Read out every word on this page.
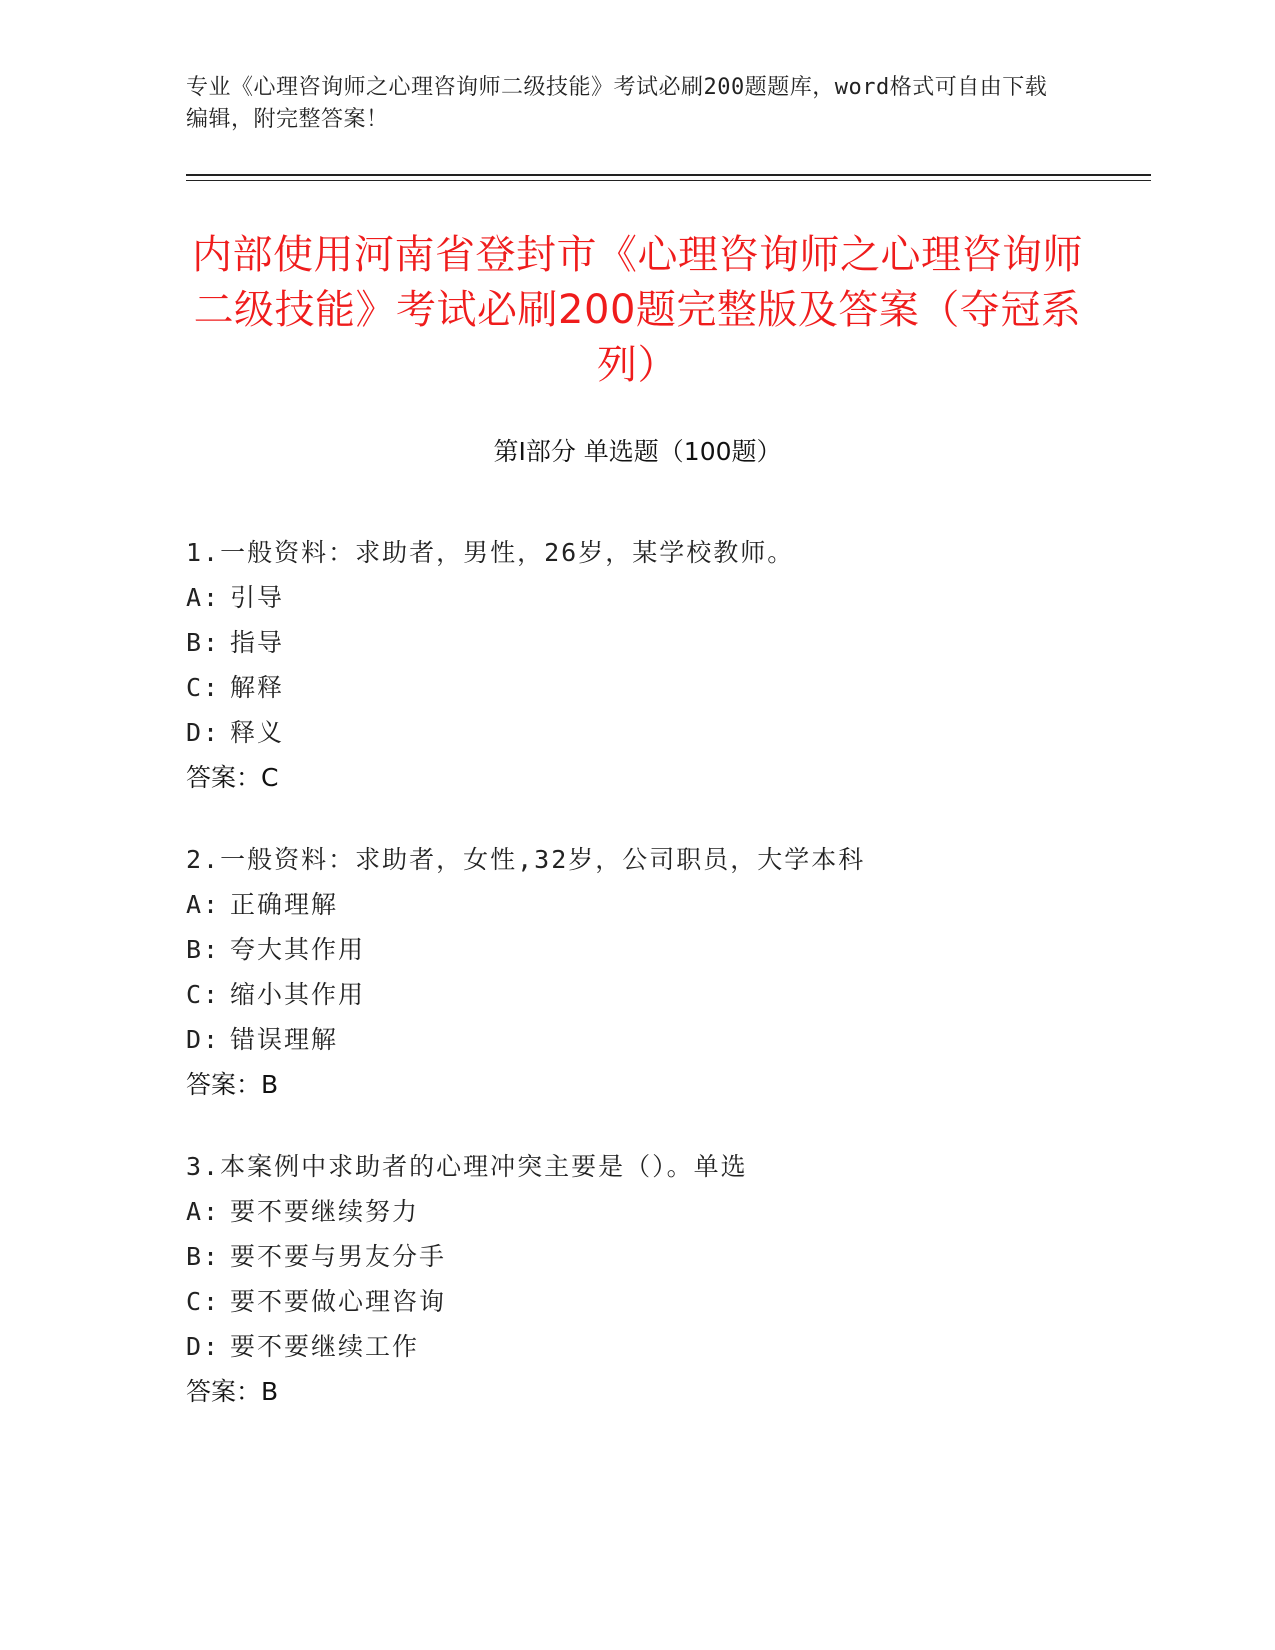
专业《心理咨询师之心理咨询师二级技能》考试必刷200题题库，word格式可自由下载编辑，附完整答案！
内部使用河南省登封市《心理咨询师之心理咨询师二级技能》考试必刷200题完整版及答案（夺冠系列）
第I部分 单选题（100题）
1.一般资料：求助者，男性，26岁，某学校教师。
A: 引导
B: 指导
C: 解释
D: 释义
答案：C
2.一般资料：求助者，女性,32岁，公司职员，大学本科
A: 正确理解
B: 夸大其作用
C: 缩小其作用
D: 错误理解
答案：B
3.本案例中求助者的心理冲突主要是（）。单选
A: 要不要继续努力
B: 要不要与男友分手
C: 要不要做心理咨询
D: 要不要继续工作
答案：B
